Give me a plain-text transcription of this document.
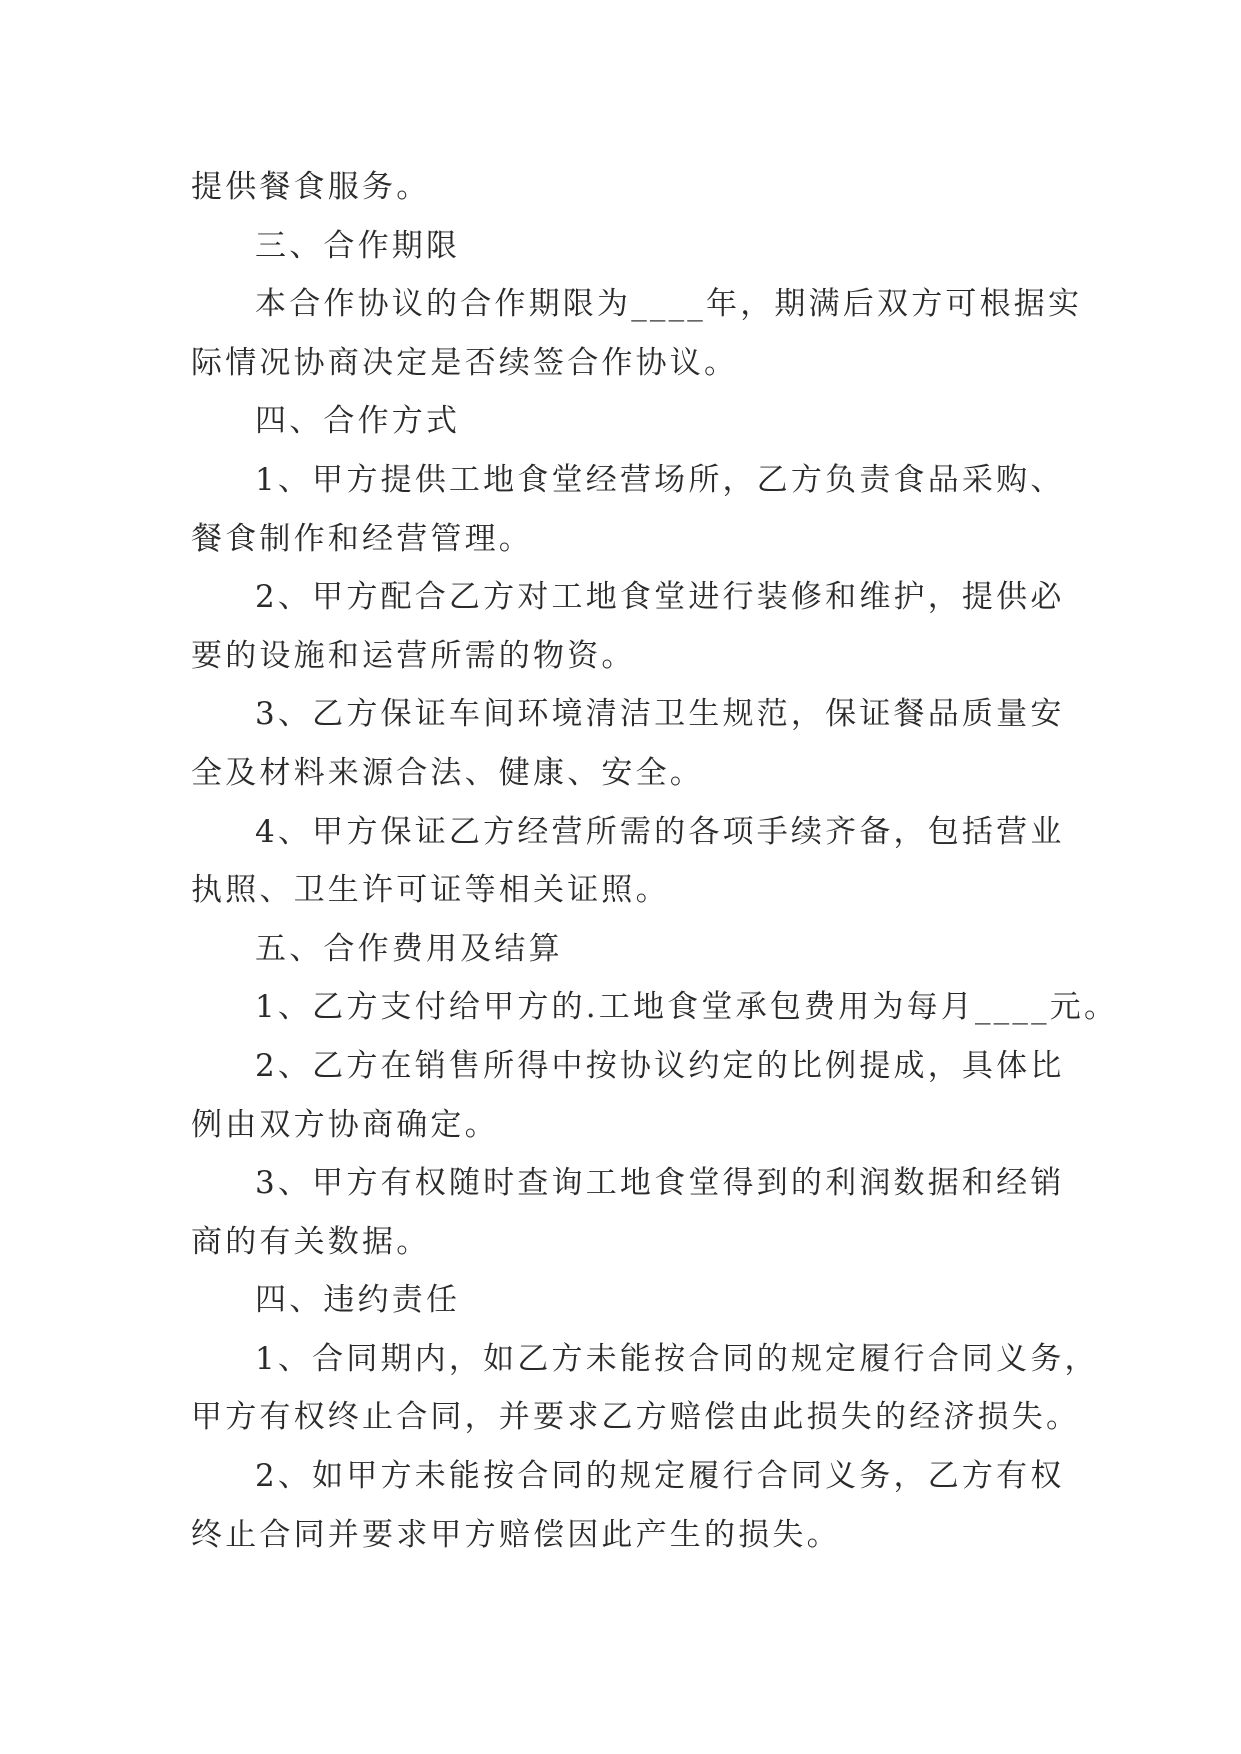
提供餐食服务。
三、合作期限
本合作协议的合作期限为____年，期满后双方可根据实
际情况协商决定是否续签合作协议。
四、合作方式
1、甲方提供工地食堂经营场所，乙方负责食品采购、
餐食制作和经营管理。
2、甲方配合乙方对工地食堂进行装修和维护，提供必
要的设施和运营所需的物资。
3、乙方保证车间环境清洁卫生规范，保证餐品质量安
全及材料来源合法、健康、安全。
4、甲方保证乙方经营所需的各项手续齐备，包括营业
执照、卫生许可证等相关证照。
五、合作费用及结算
1、乙方支付给甲方的.工地食堂承包费用为每月____元。
2、乙方在销售所得中按协议约定的比例提成，具体比
例由双方协商确定。
3、甲方有权随时查询工地食堂得到的利润数据和经销
商的有关数据。
四、违约责任
1、合同期内，如乙方未能按合同的规定履行合同义务，
甲方有权终止合同，并要求乙方赔偿由此损失的经济损失。
2、如甲方未能按合同的规定履行合同义务，乙方有权
终止合同并要求甲方赔偿因此产生的损失。
